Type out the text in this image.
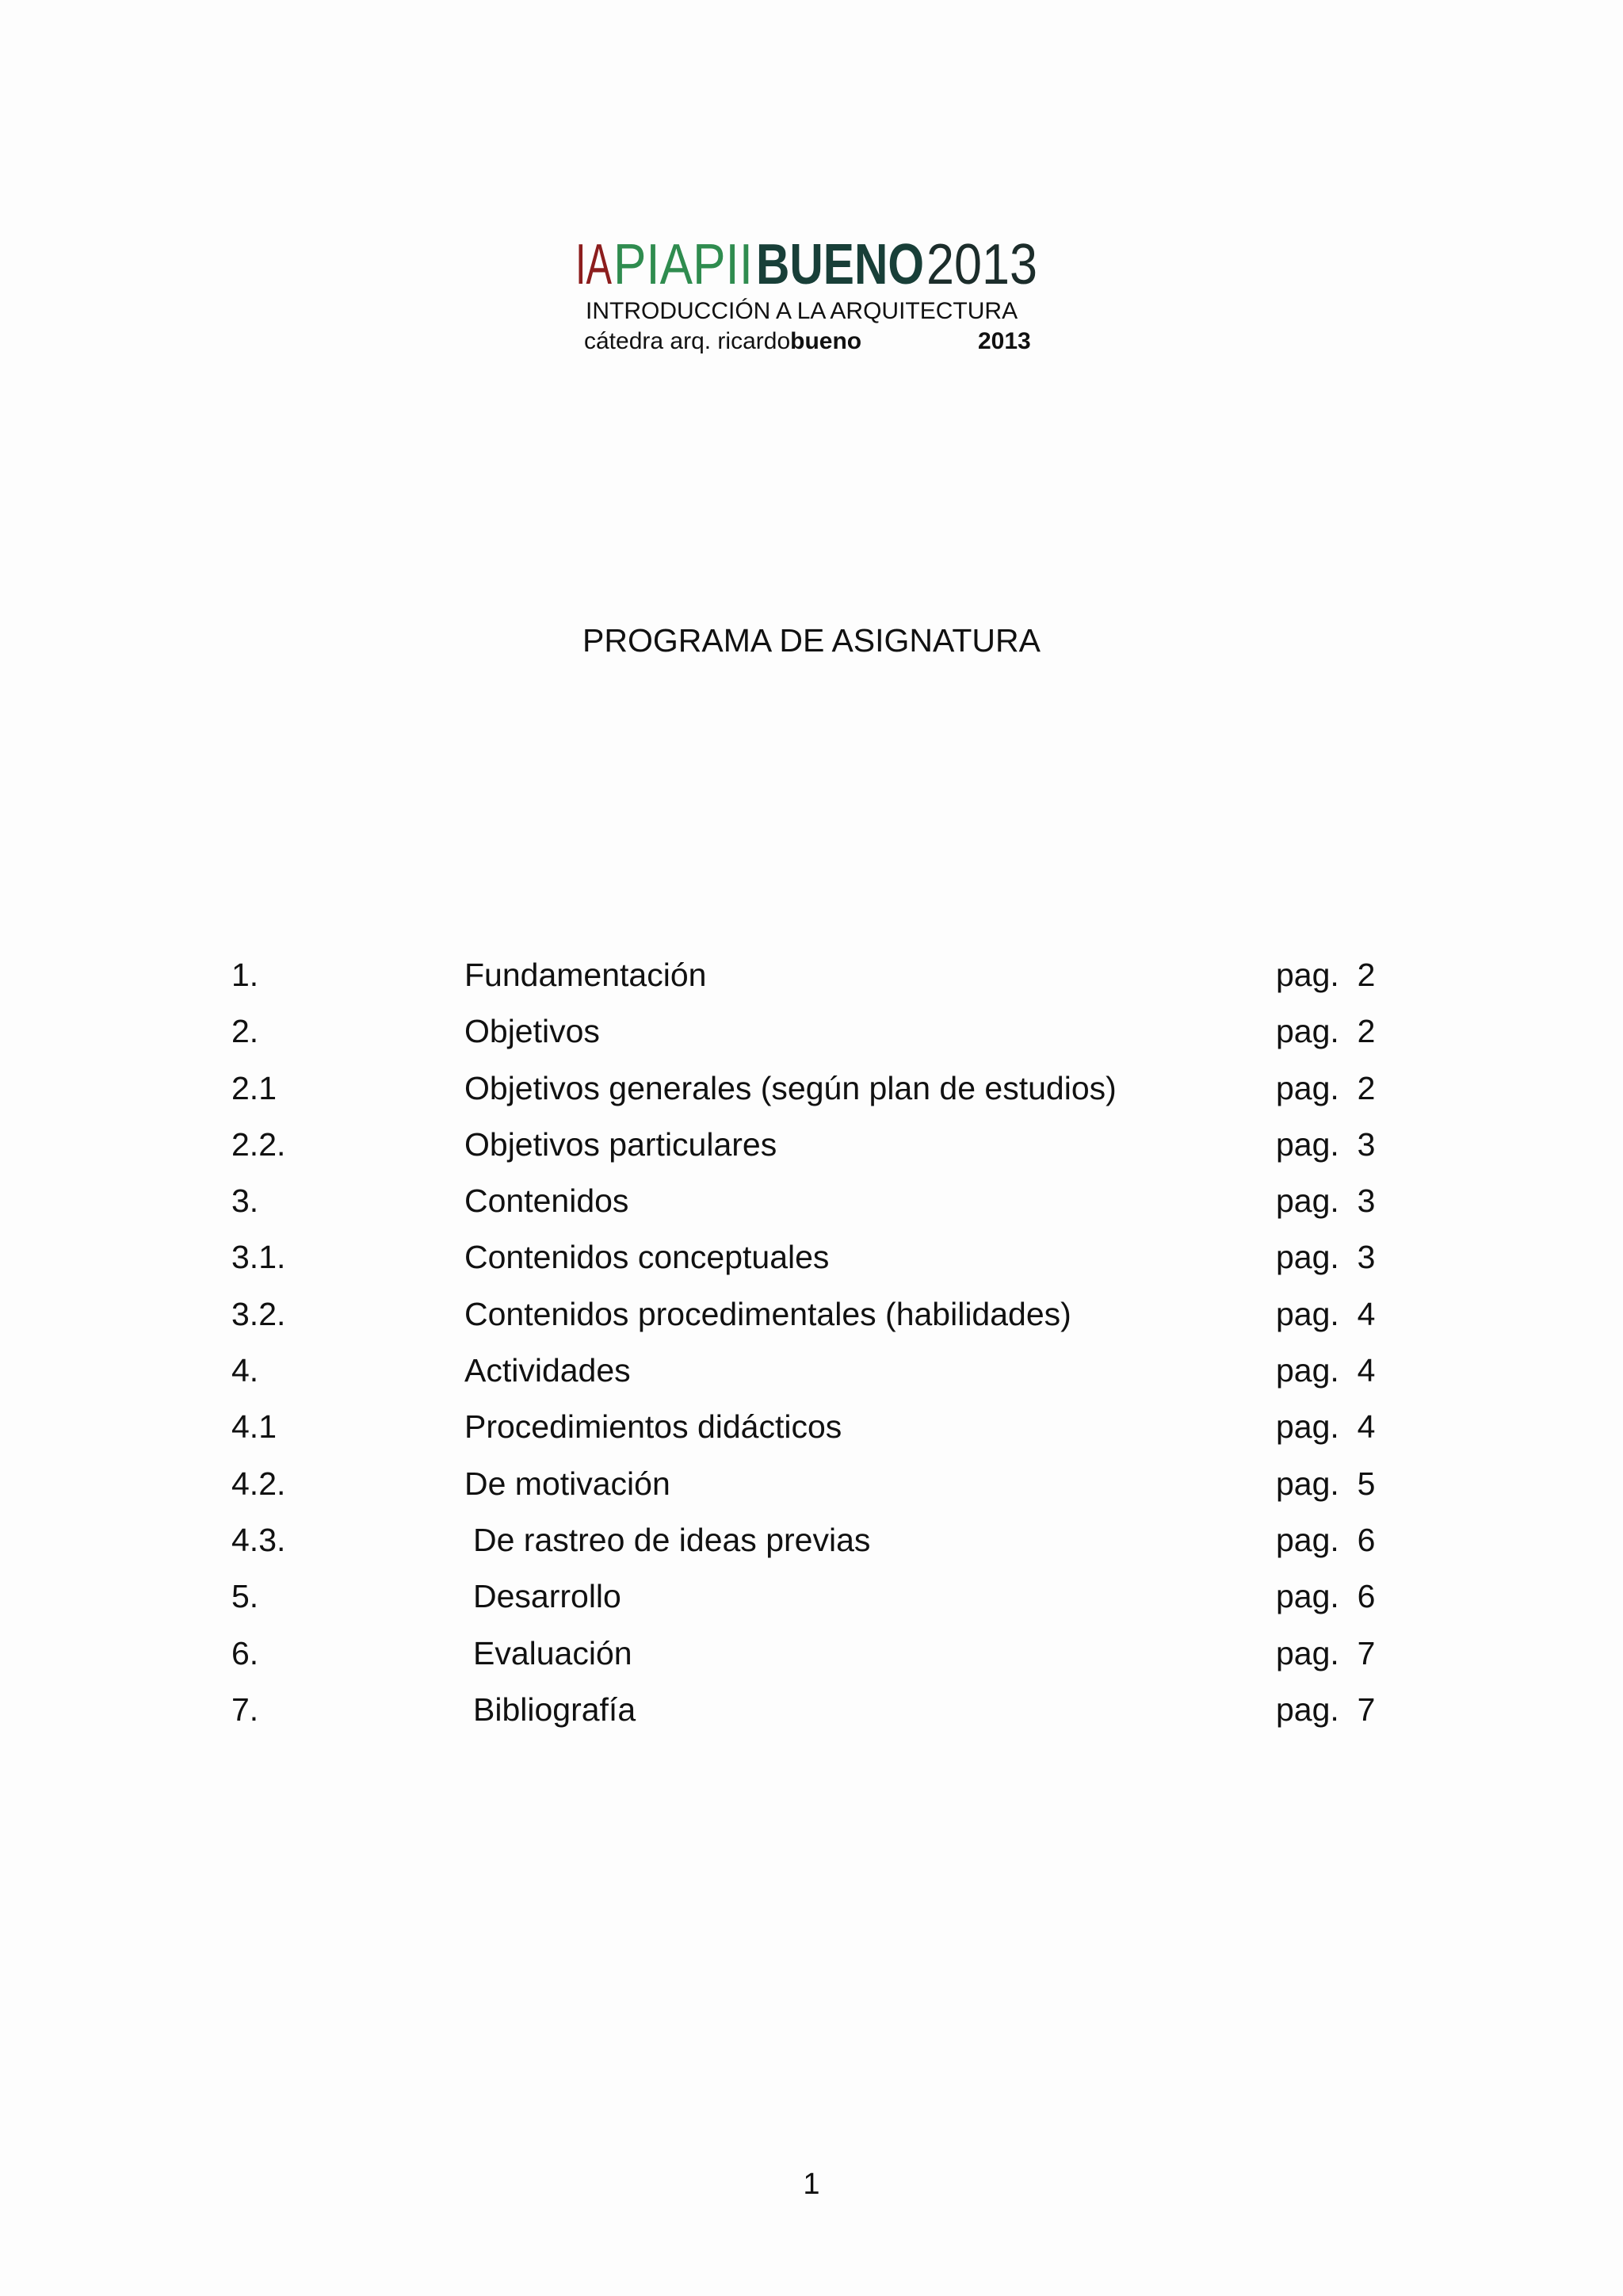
IA PIAPII BUENO 2013
INTRODUCCIÓN A LA ARQUITECTURA
cátedra arq. ricardobueno	2013
PROGRAMA DE ASIGNATURA
1.	Fundamentación	pag. 2
2.	Objetivos	pag. 2
2.1	Objetivos generales (según plan de estudios)	pag. 2
2.2.	Objetivos particulares	pag. 3
3.	Contenidos	pag. 3
3.1.	Contenidos conceptuales	pag. 3
3.2.	Contenidos procedimentales (habilidades)	pag. 4
4.	Actividades	pag. 4
4.1	Procedimientos didácticos	pag. 4
4.2.	De motivación	pag. 5
4.3.	De rastreo de ideas previas	pag. 6
5.	Desarrollo	pag. 6
6.	Evaluación	pag. 7
7.	Bibliografía	pag. 7
1
